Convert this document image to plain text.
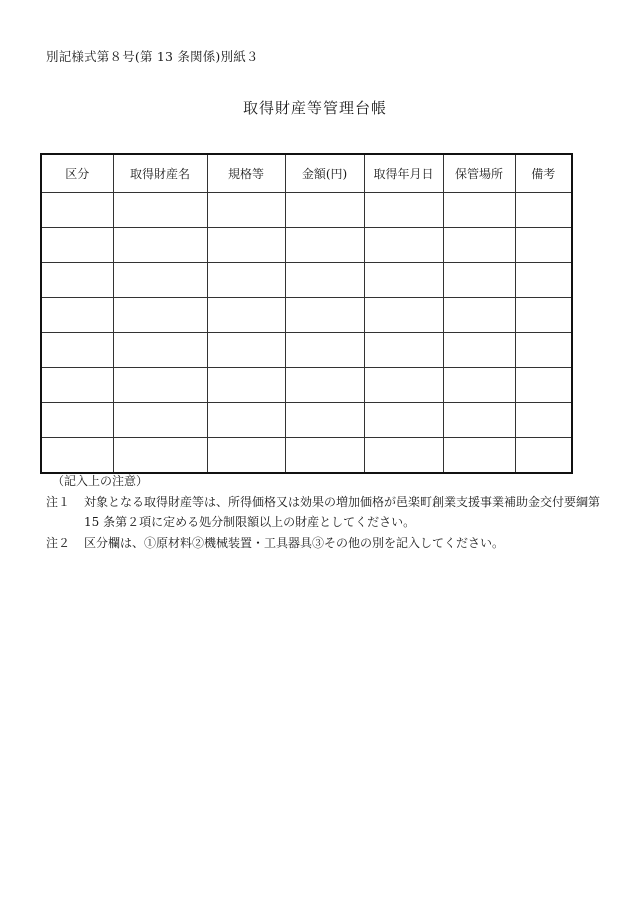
別記様式第８号(第 13 条関係)別紙３
取得財産等管理台帳
区分	取得財産名	規格等	金額(円)	取得年月日	保管場所	備考

（記入上の注意）
注１	対象となる取得財産等は、所得価格又は効果の増加価格が邑楽町創業支援事業補助金交付要綱第 15 条第２項に定める処分制限額以上の財産としてください。
注２	区分欄は、①原材料②機械装置・工具器具③その他の別を記入してください。
